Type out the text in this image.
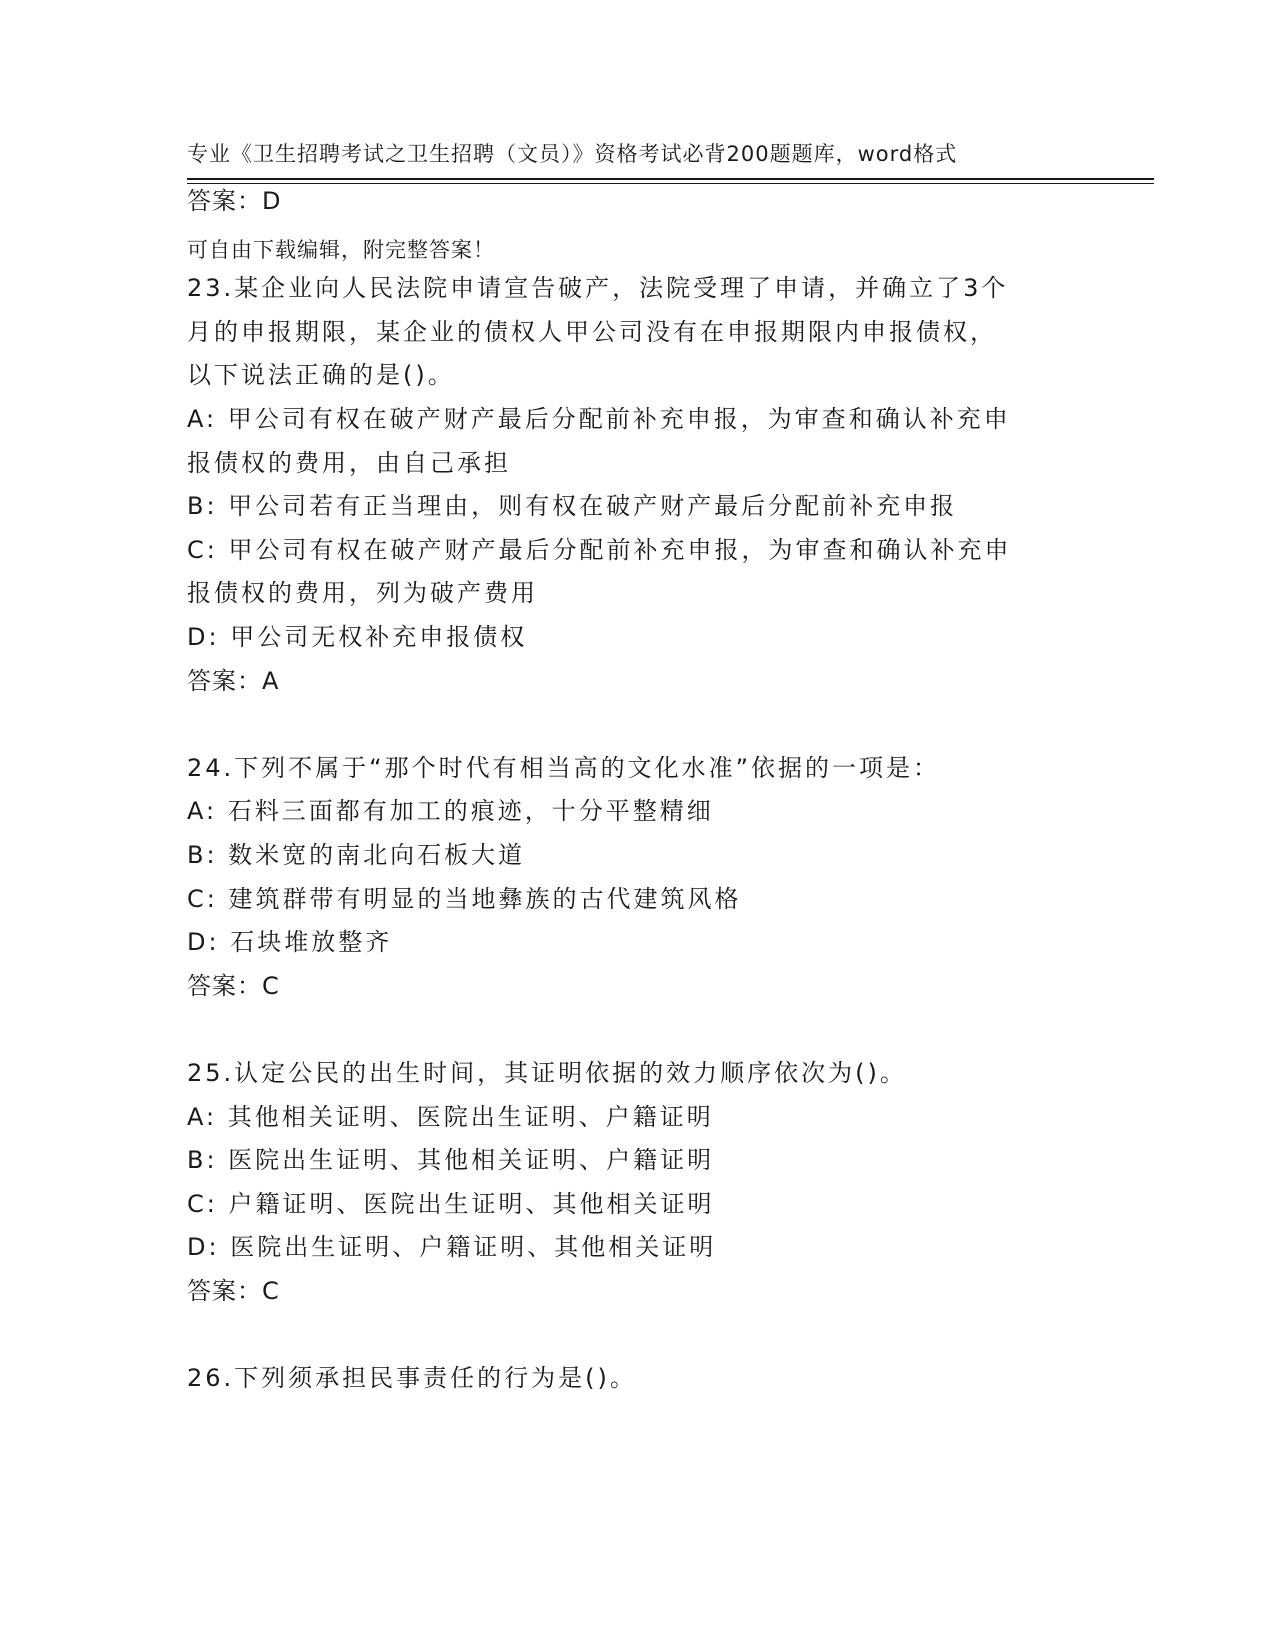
专业《卫生招聘考试之卫生招聘（文员）》资格考试必背200题题库，word格式

可自由下载编辑，附完整答案！

答案：D
23.某企业向人民法院申请宣告破产，法院受理了申请，并确立了3个
月的申报期限，某企业的债权人甲公司没有在申报期限内申报债权，
以下说法正确的是()。
A: 甲公司有权在破产财产最后分配前补充申报，为审查和确认补充申
报债权的费用，由自己承担
B: 甲公司若有正当理由，则有权在破产财产最后分配前补充申报
C: 甲公司有权在破产财产最后分配前补充申报，为审查和确认补充申
报债权的费用，列为破产费用
D: 甲公司无权补充申报债权
答案：A
24.下列不属于“那个时代有相当高的文化水准”依据的一项是：
A: 石料三面都有加工的痕迹，十分平整精细
B: 数米宽的南北向石板大道
C: 建筑群带有明显的当地彝族的古代建筑风格
D: 石块堆放整齐
答案：C
25.认定公民的出生时间，其证明依据的效力顺序依次为()。
A: 其他相关证明、医院出生证明、户籍证明
B: 医院出生证明、其他相关证明、户籍证明
C: 户籍证明、医院出生证明、其他相关证明
D: 医院出生证明、户籍证明、其他相关证明
答案：C
26.下列须承担民事责任的行为是()。
